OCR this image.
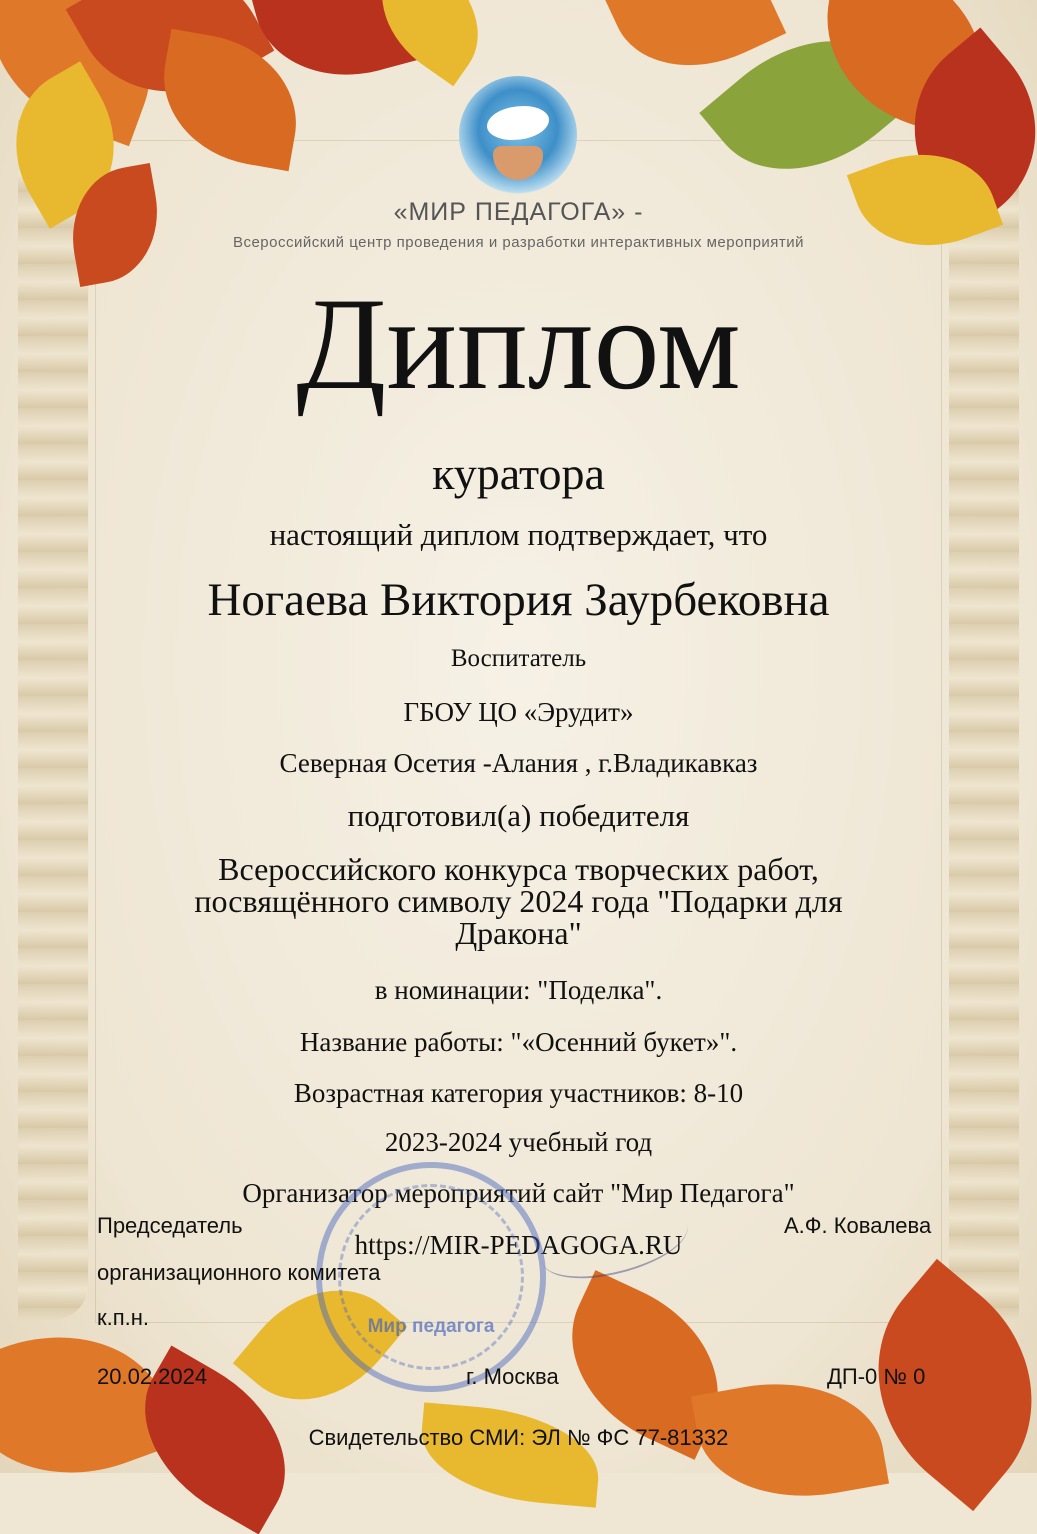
«МИР ПЕДАГОГА» -
Всероссийский центр проведения и разработки интерактивных мероприятий
Диплом
куратора
настоящий диплом подтверждает, что
Ногаева Виктория Заурбековна
Воспитатель
ГБОУ ЦО «Эрудит»
Северная Осетия -Алания , г.Владикавказ
подготовил(а) победителя
Всероссийского конкурса творческих работ,
посвящённого символу 2024 года "Подарки для
Дракона"
в номинации: "Поделка".
Название работы: "«Осенний букет»".
Возрастная категория участников: 8-10
2023-2024 учебный год
Организатор мероприятий сайт "Мир Педагога"
https://MIR-PEDAGOGA.RU
Мир педагога
Председатель
организационного комитета
к.п.н.
А.Ф. Ковалева
20.02.2024	г. Москва	ДП-0 № 0
Свидетельство СМИ: ЭЛ № ФС 77-81332
